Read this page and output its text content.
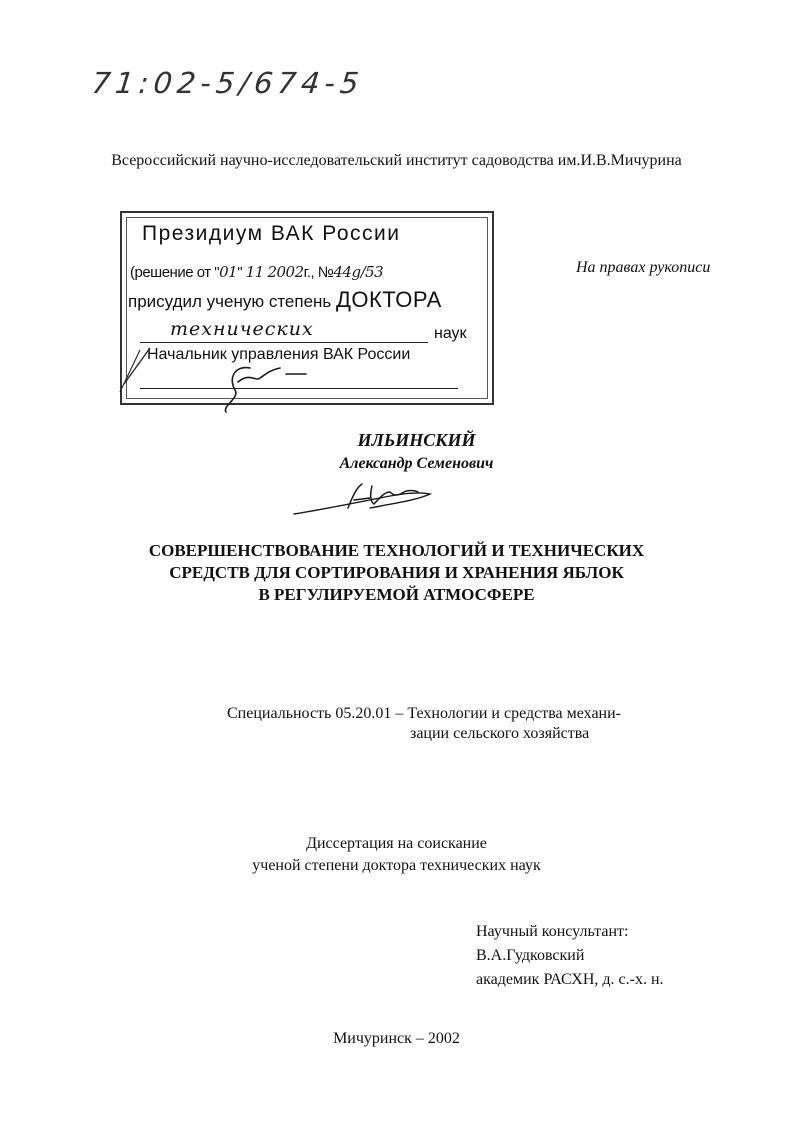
71:02-5/674-5
Всероссийский научно-исследовательский институт садоводства им.И.В.Мичурина
Президиум ВАК России
(решение от "01" 11 2002г., №44g/53
присудил ученую степень ДОКТОРА
технических	наук
Начальник управления ВАК России
На правах рукописи
ИЛЬИНСКИЙ
Александр Семенович
СОВЕРШЕНСТВОВАНИЕ ТЕХНОЛОГИЙ И ТЕХНИЧЕСКИХ
СРЕДСТВ ДЛЯ СОРТИРОВАНИЯ И ХРАНЕНИЯ ЯБЛОК
В РЕГУЛИРУЕМОЙ АТМОСФЕРЕ
Специальность 05.20.01 – Технологии и средства механи-
зации сельского хозяйства
Диссертация на соискание
ученой степени доктора технических наук
Научный консультант:
В.А.Гудковский
академик РАСХН, д. с.-х. н.
Мичуринск – 2002
